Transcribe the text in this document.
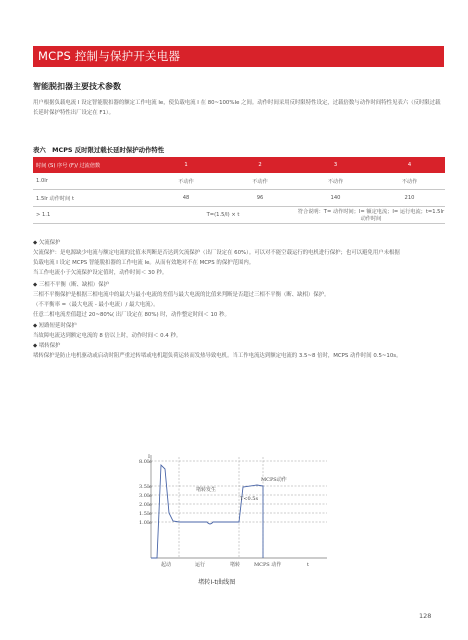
MCPS 控制与保护开关电器
智能脱扣器主要技术参数
用户根据负载电流 I 设定智能脱扣器的额定工作电流 Ie，使负载电流 I 在 80~100%Ie 之间。动作时间采用反时限特性设定，过载倍数与动作时间特性见表六（反时限过载长延时保护特性出厂设定在 F1）。
表六　MCPS 反时限过载长延时保护动作特性
时间 (S) 序号 (F)/ 过流倍数	1	2	3	4
1.0Ir	不动作	不动作	不动作	不动作
1.5Ir 动作时间 t	48	96	140	210
> 1.1	T=(1.5/I) × t		符合说明：T= 动作时间；I= 额定电流；I= 运行电流；t=1.5Ir 动作时间	
◆ 欠流保护
欠流保护：是电源缺少电流与额定电流的比值未判断是否达到欠流保护（出厂设定在 60%）。可以对不能空载运行的电机进行保护；也可以避免用户未根据
负载电流 I 设定 MCPS 智能脱扣器的工作电流 Ie。从而有效地对不在 MCPS 的保护范围内。
当工作电流小于欠流保护设定值时，动作时间＜ 30 秒。
◆ 三相不平衡（断、缺相）保护
三相不平衡保护是根据三相电流中的最大与最小电流的差值与最大电流的比值来判断是否超过三相不平衡（断、缺相）保护。
（不平衡率 =（最大电流 - 最小电流）/ 最大电流）。
任意二相电流差值超过 20~80%( 出厂设定在 80%) 时，动作整定时间＜ 10 秒。
◆ 短路短延时保护
当故障电流达到额定电流的 8 倍以上时，动作时间＜ 0.4 秒。
◆ 堵转保护
堵转保护是防止电机驱动或启动时阻严重过转堵或电机超负荷运转而发热导致电机。当工作电流达到额定电流的 3.5~8 倍时，MCPS 动作时间 0.5~10s。
I
8.0Ie
3.5Ie
3.0Ie
2.0Ie
1.5Ie
1.0Ie
MCPS动作
堵转发生
T<0.5s
起动	运行	堵转	MCPS 动作	t
堵转I-t曲线图
128
